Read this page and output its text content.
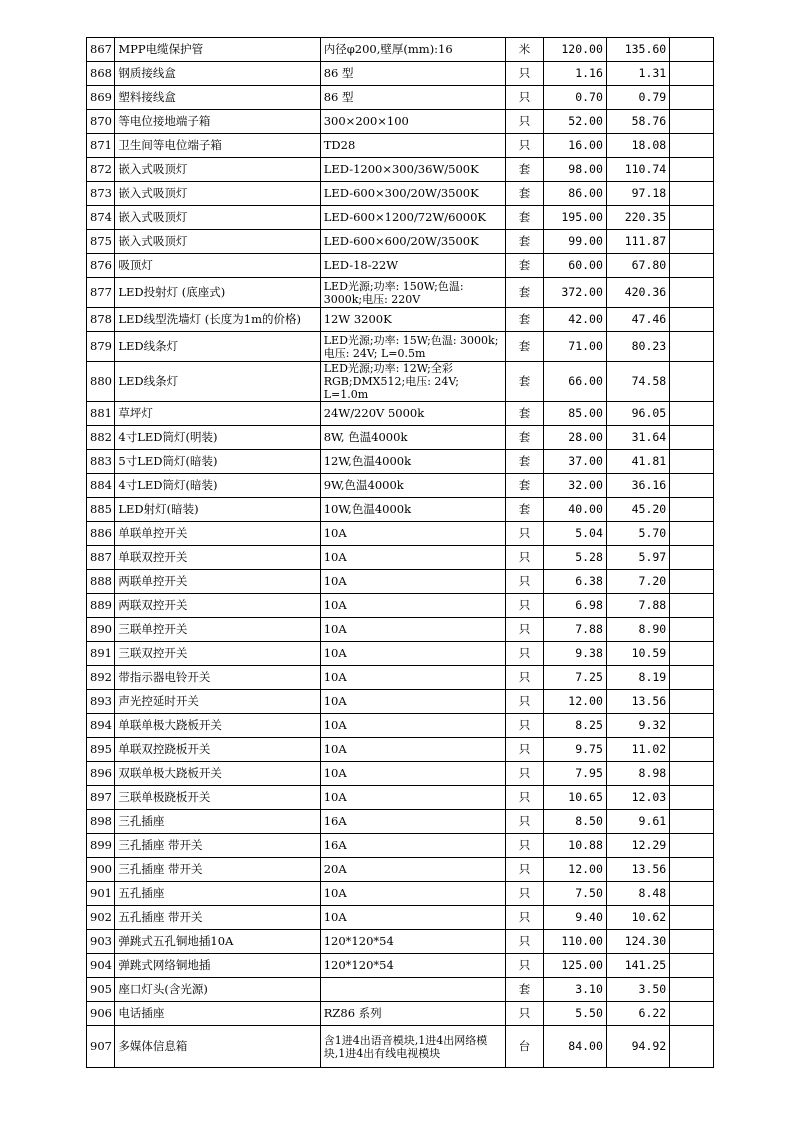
867	MPP电缆保护管	内径φ200,壁厚(mm):16	米	120.00	135.60	
868	钢质接线盒	86 型	只	1.16	1.31	
869	塑料接线盒	86 型	只	0.70	0.79	
870	等电位接地端子箱	300×200×100	只	52.00	58.76	
871	卫生间等电位端子箱	TD28	只	16.00	18.08	
872	嵌入式吸顶灯	LED-1200×300/36W/500K	套	98.00	110.74	
873	嵌入式吸顶灯	LED-600×300/20W/3500K	套	86.00	97.18	
874	嵌入式吸顶灯	LED-600×1200/72W/6000K	套	195.00	220.35	
875	嵌入式吸顶灯	LED-600×600/20W/3500K	套	99.00	111.87	
876	吸顶灯	LED-18-22W	套	60.00	67.80	
877	LED投射灯 (底座式)	LED光源;功率: 150W;色温: 3000k;电压: 220V	套	372.00	420.36	
878	LED线型洗墙灯 (长度为1m的价格)	12W 3200K	套	42.00	47.46	
879	LED线条灯	LED光源;功率: 15W;色温: 3000k;电压: 24V; L=0.5m	套	71.00	80.23	
880	LED线条灯	LED光源;功率: 12W;全彩 RGB;DMX512;电压: 24V; L=1.0m	套	66.00	74.58	
881	草坪灯	24W/220V 5000k	套	85.00	96.05	
882	4寸LED筒灯(明装)	8W, 色温4000k	套	28.00	31.64	
883	5寸LED筒灯(暗装)	12W,色温4000k	套	37.00	41.81	
884	4寸LED筒灯(暗装)	9W,色温4000k	套	32.00	36.16	
885	LED射灯(暗装)	10W,色温4000k	套	40.00	45.20	
886	单联单控开关	10A	只	5.04	5.70	
887	单联双控开关	10A	只	5.28	5.97	
888	两联单控开关	10A	只	6.38	7.20	
889	两联双控开关	10A	只	6.98	7.88	
890	三联单控开关	10A	只	7.88	8.90	
891	三联双控开关	10A	只	9.38	10.59	
892	带指示器电铃开关	10A	只	7.25	8.19	
893	声光控延时开关	10A	只	12.00	13.56	
894	单联单极大跷板开关	10A	只	8.25	9.32	
895	单联双控跷板开关	10A	只	9.75	11.02	
896	双联单极大跷板开关	10A	只	7.95	8.98	
897	三联单极跷板开关	10A	只	10.65	12.03	
898	三孔插座	16A	只	8.50	9.61	
899	三孔插座 带开关	16A	只	10.88	12.29	
900	三孔插座 带开关	20A	只	12.00	13.56	
901	五孔插座	10A	只	7.50	8.48	
902	五孔插座 带开关	10A	只	9.40	10.62	
903	弹跳式五孔铜地插10A	120*120*54	只	110.00	124.30	
904	弹跳式网络铜地插	120*120*54	只	125.00	141.25	
905	座口灯头(含光源)		套	3.10	3.50	
906	电话插座	RZ86 系列	只	5.50	6.22	
907	多媒体信息箱	含1进4出语音模块,1进4出网络模块,1进4出有线电视模块	台	84.00	94.92	
